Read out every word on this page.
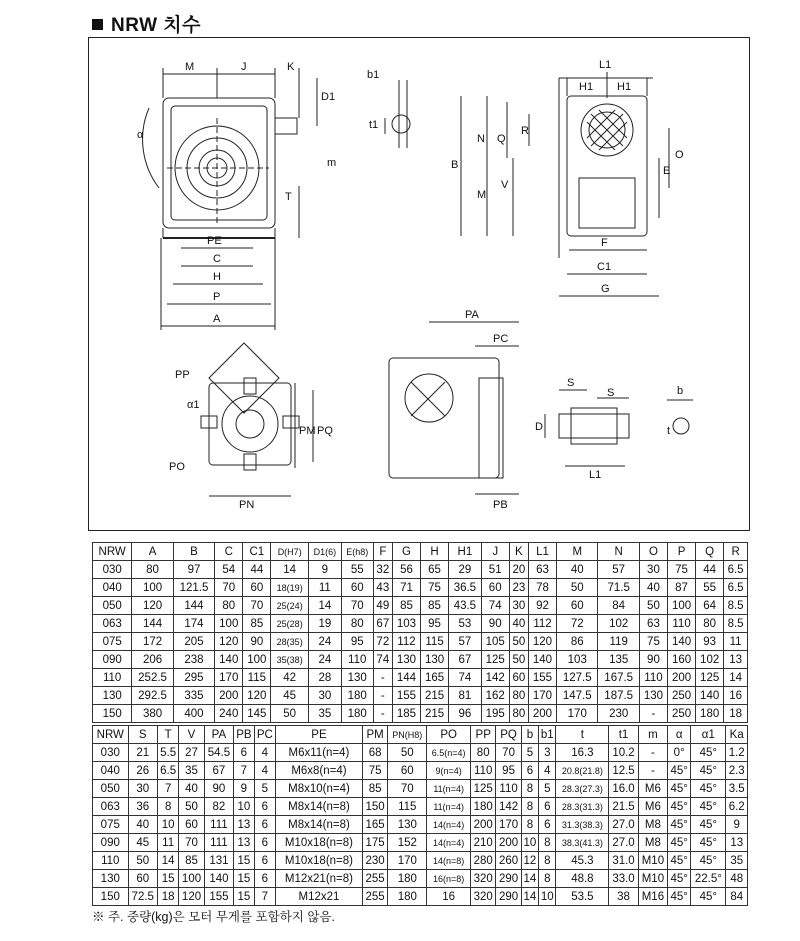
NRW 치수
M	J	K
D1
α
m
T
PE
C
H
P
A
b1
t1
L1
H1 H1
B
N
M
Q
R
V
O
E
F
C1
G
PP
α1
PM PQ
PO
PN
PA
PC
PB
S
S	b
D	t
L1
NRW	A	B	C	C1	D(H7)	D1(6)	E(h8)	F	G	H	H1	J	K	L1	M	N	O	P	Q	R
030	80	97	54	44	14	9	55	32	56	65	29	51	20	63	40	57	30	75	44	6.5
040	100	121.5	70	60	18(19)	11	60	43	71	75	36.5	60	23	78	50	71.5	40	87	55	6.5
050	120	144	80	70	25(24)	14	70	49	85	85	43.5	74	30	92	60	84	50	100	64	8.5
063	144	174	100	85	25(28)	19	80	67	103	95	53	90	40	112	72	102	63	110	80	8.5
075	172	205	120	90	28(35)	24	95	72	112	115	57	105	50	120	86	119	75	140	93	11
090	206	238	140	100	35(38)	24	110	74	130	130	67	125	50	140	103	135	90	160	102	13
110	252.5	295	170	115	42	28	130	-	144	165	74	142	60	155	127.5	167.5	110	200	125	14
130	292.5	335	200	120	45	30	180	-	155	215	81	162	80	170	147.5	187.5	130	250	140	16
150	380	400	240	145	50	35	180	-	185	215	96	195	80	200	170	230	-	250	180	18
NRW	S	T	V	PA	PB	PC	PE	PM	PN(H8)	PO	PP	PQ	b	b1	t	t1	m	α	α1	Ka
030	21	5.5	27	54.5	6	4	M6x11(n=4)	68	50	6.5(n=4)	80	70	5	3	16.3	10.2	-	0°	45°	1.2
040	26	6.5	35	67	7	4	M6x8(n=4)	75	60	9(n=4)	110	95	6	4	20.8(21.8)	12.5	-	45°	45°	2.3
050	30	7	40	90	9	5	M8x10(n=4)	85	70	11(n=4)	125	110	8	5	28.3(27.3)	16.0	M6	45°	45°	3.5
063	36	8	50	82	10	6	M8x14(n=8)	150	115	11(n=4)	180	142	8	6	28.3(31.3)	21.5	M6	45°	45°	6.2
075	40	10	60	111	13	6	M8x14(n=8)	165	130	14(n=4)	200	170	8	6	31.3(38.3)	27.0	M8	45°	45°	9
090	45	11	70	111	13	6	M10x18(n=8)	175	152	14(n=4)	210	200	10	8	38.3(41.3)	27.0	M8	45°	45°	13
110	50	14	85	131	15	6	M10x18(n=8)	230	170	14(n=8)	280	260	12	8	45.3	31.0	M10	45°	45°	35
130	60	15	100	140	15	6	M12x21(n=8)	255	180	16(n=8)	320	290	14	8	48.8	33.0	M10	45°	22.5°	48
150	72.5	18	120	155	15	7	M12x21	255	180	16	320	290	14	10	53.5	38	M16	45°	45°	84
※ 주. 중량(kg)은 모터 무게를 포함하지 않음.
